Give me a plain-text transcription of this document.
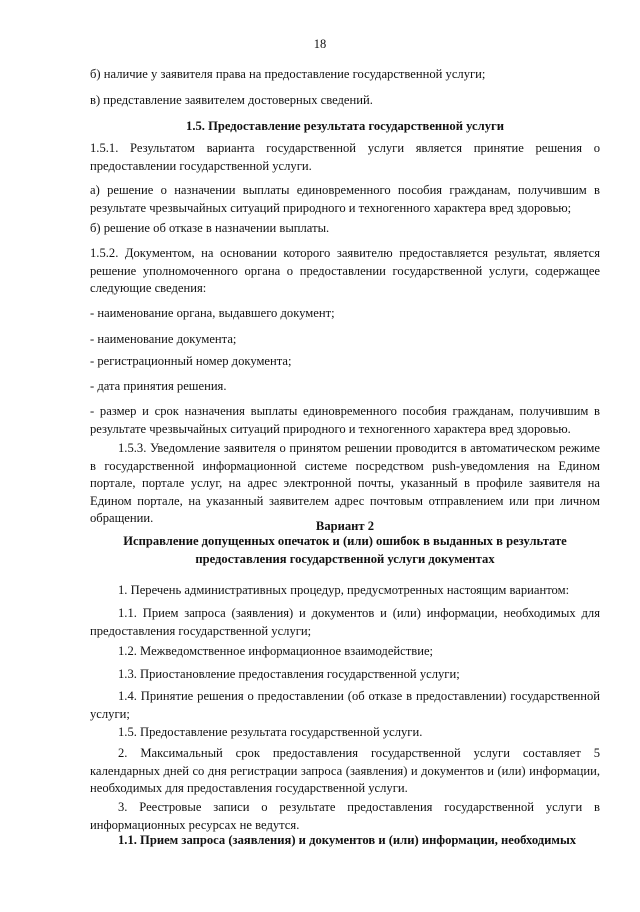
18

б) наличие у заявителя права на предоставление государственной услуги;

в) представление заявителем достоверных сведений.

1.5. Предоставление результата государственной услуги

1.5.1. Результатом варианта государственной услуги является принятие решения о предоставлении государственной услуги.

а) решение о назначении выплаты единовременного пособия гражданам, получившим в результате чрезвычайных ситуаций природного и техногенного характера вред здоровью;

б) решение об отказе в назначении выплаты.

1.5.2. Документом, на основании которого заявителю предоставляется результат, является решение уполномоченного органа о предоставлении государственной услуги, содержащее следующие сведения:

- наименование органа, выдавшего документ;

- наименование документа;

- регистрационный номер документа;

- дата принятия решения.

- размер и срок назначения выплаты единовременного пособия гражданам, получившим в результате чрезвычайных ситуаций природного и техногенного характера вред здоровью.

1.5.3. Уведомление заявителя о принятом решении проводится в автоматическом режиме в государственной информационной системе посредством push-уведомления на Едином портале, портале услуг, на адрес электронной почты, указанный в профиле заявителя на Едином портале, на указанный заявителем адрес почтовым отправлением или при личном обращении.

Вариант 2

Исправление допущенных опечаток и (или) ошибок в выданных в результате предоставления государственной услуги документах

1. Перечень административных процедур, предусмотренных настоящим вариантом:

1.1. Прием запроса (заявления) и документов и (или) информации, необходимых для предоставления государственной услуги;

1.2. Межведомственное информационное взаимодействие;

1.3. Приостановление предоставления государственной услуги;

1.4. Принятие решения о предоставлении (об отказе в предоставлении) государственной услуги;

1.5. Предоставление результата государственной услуги.

2. Максимальный срок предоставления государственной услуги составляет 5 календарных дней со дня регистрации запроса (заявления) и документов и (или) информации, необходимых для предоставления государственной услуги.

3. Реестровые записи о результате предоставления государственной услуги в информационных ресурсах не ведутся.

1.1. Прием запроса (заявления) и документов и (или) информации, необходимых
